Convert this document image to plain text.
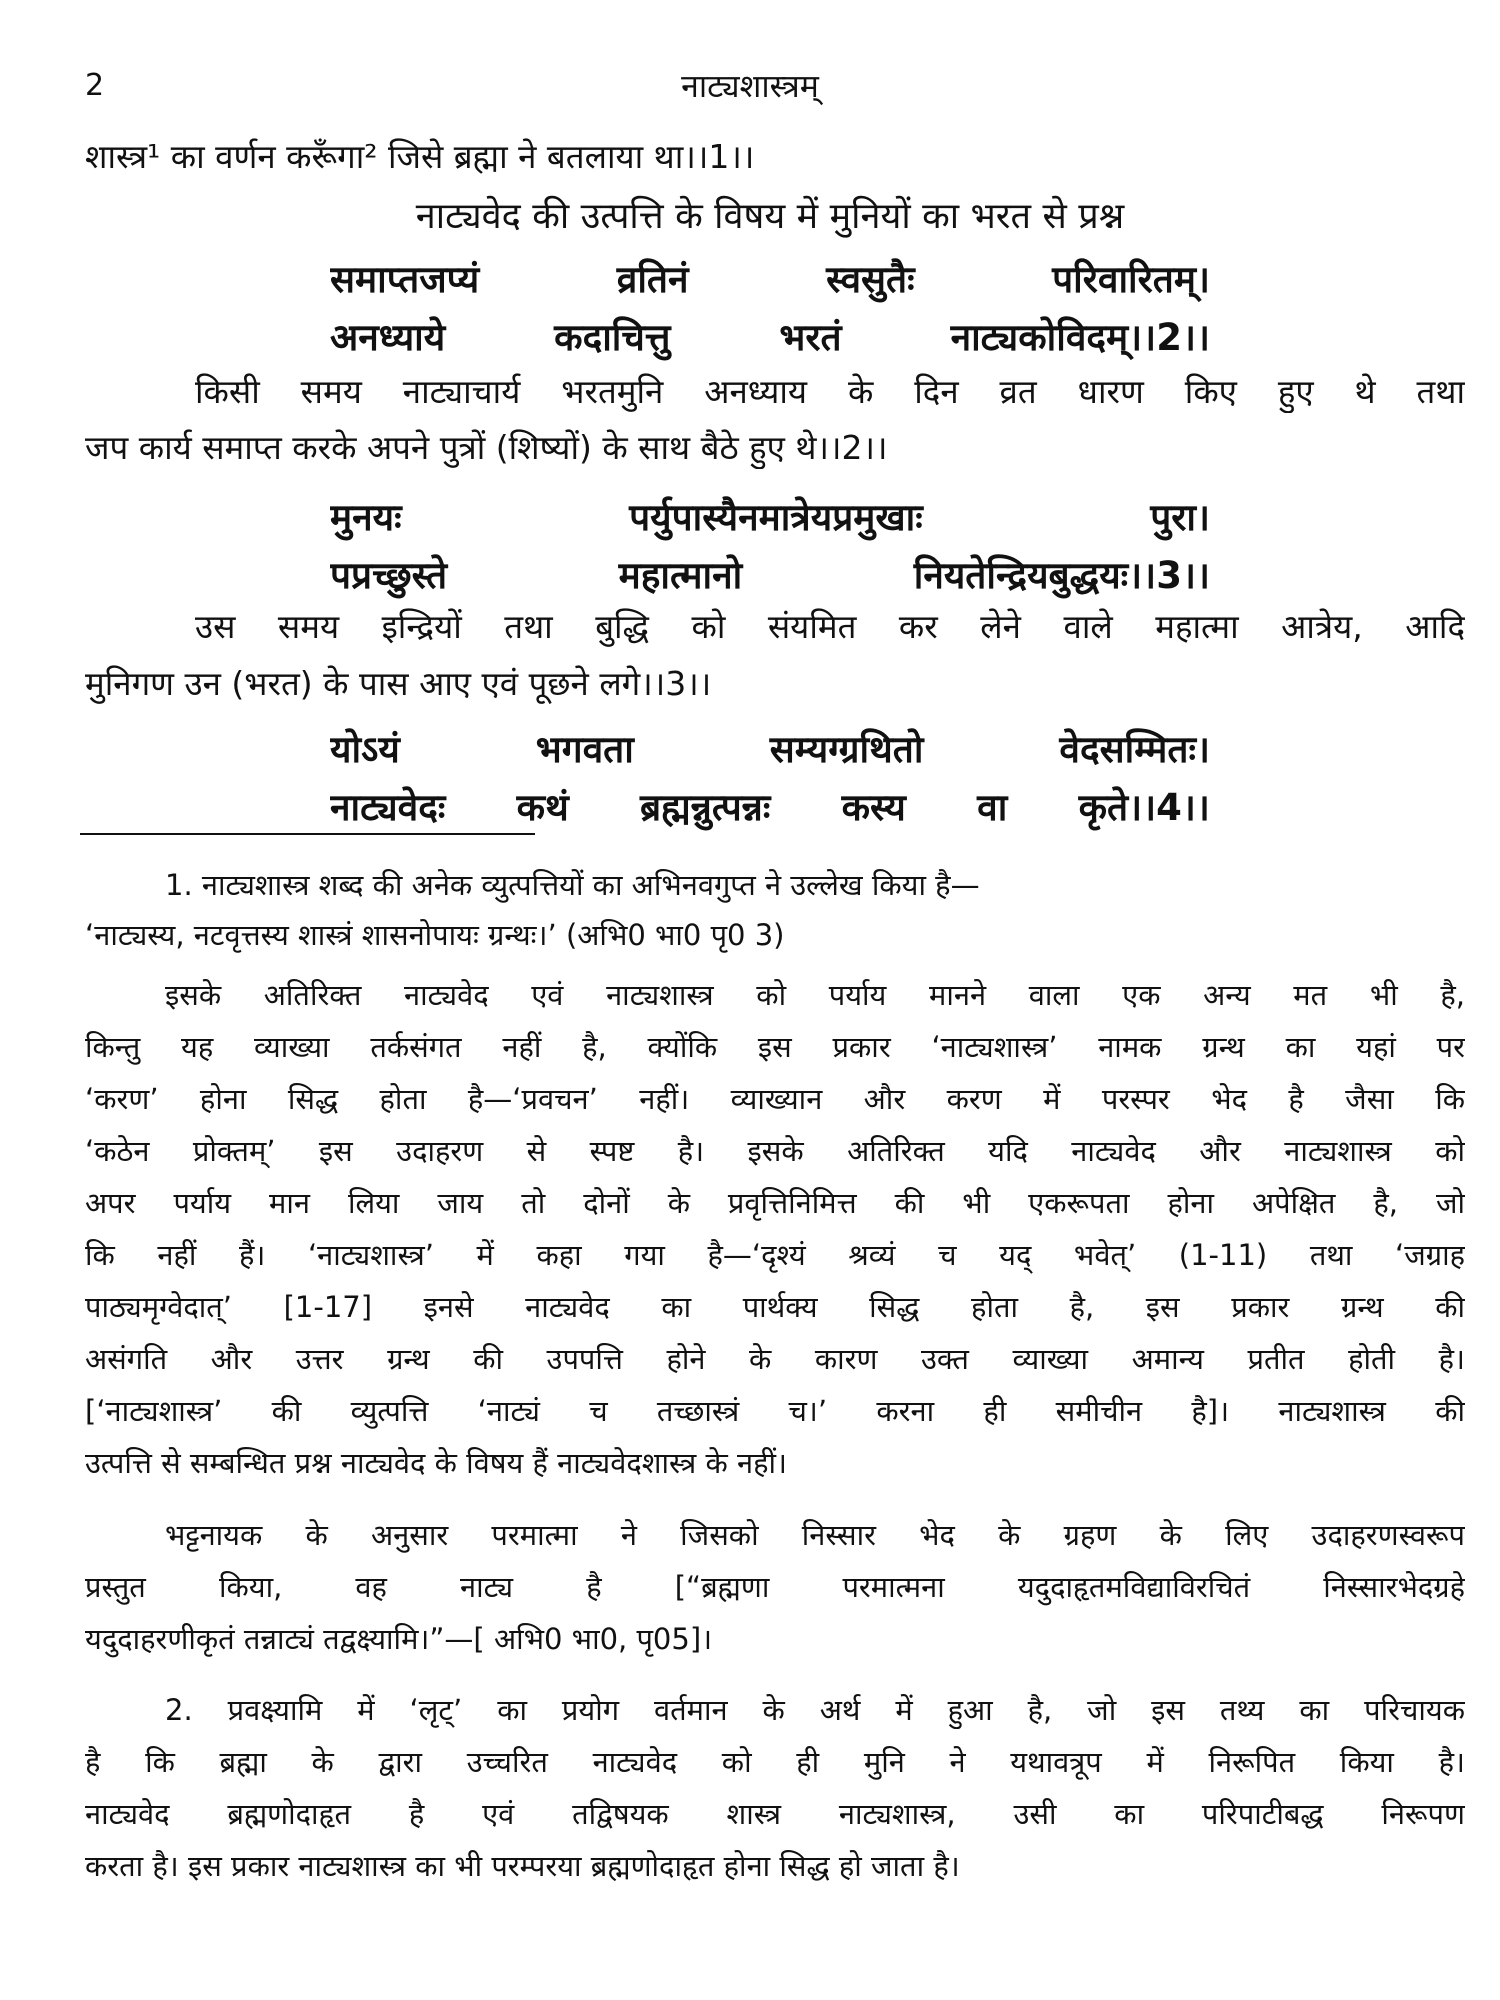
2	नाट्यशास्त्रम्
शास्त्र¹ का वर्णन करूँगा² जिसे ब्रह्मा ने बतलाया था।।1।।
नाट्यवेद की उत्पत्ति के विषय में मुनियों का भरत से प्रश्न
समाप्तजप्यं	व्रतिनं	स्वसुतैः	परिवारितम्।
अनध्याये	कदाचित्तु	भरतं	नाट्यकोविदम्।।2।।
किसी समय नाट्याचार्य भरतमुनि अनध्याय के दिन व्रत धारण किए हुए थे तथा
जप कार्य समाप्त करके अपने पुत्रों (शिष्यों) के साथ बैठे हुए थे।।2।।
मुनयः	पर्युपास्यैनमात्रेयप्रमुखाः	पुरा।
पप्रच्छुस्ते	महात्मानो	नियतेन्द्रियबुद्धयः।।3।।
उस समय इन्द्रियों तथा बुद्धि को संयमित कर लेने वाले महात्मा आत्रेय, आदि
मुनिगण उन (भरत) के पास आए एवं पूछने लगे।।3।।
योऽयं	भगवता	सम्यग्ग्रथितो	वेदसम्मितः।
नाट्यवेदः कथं ब्रह्मन्नुत्पन्नः कस्य वा कृते।।4।।
1. नाट्यशास्त्र शब्द की अनेक व्युत्पत्तियों का अभिनवगुप्त ने उल्लेख किया है—
‘नाट्यस्य, नटवृत्तस्य शास्त्रं शासनोपायः ग्रन्थः।’ (अभि0 भा0 पृ0 3)
इसके अतिरिक्त नाट्यवेद एवं नाट्यशास्त्र को पर्याय मानने वाला एक अन्य मत भी है,
किन्तु यह व्याख्या तर्कसंगत नहीं है, क्योंकि इस प्रकार ‘नाट्यशास्त्र’ नामक ग्रन्थ का यहां पर
‘करण’ होना सिद्ध होता है—‘प्रवचन’ नहीं। व्याख्यान और करण में परस्पर भेद है जैसा कि
‘कठेन प्रोक्तम्’ इस उदाहरण से स्पष्ट है। इसके अतिरिक्त यदि नाट्यवेद और नाट्यशास्त्र को
अपर पर्याय मान लिया जाय तो दोनों के प्रवृत्तिनिमित्त की भी एकरूपता होना अपेक्षित है, जो
कि नहीं हैं। ‘नाट्यशास्त्र’ में कहा गया है—‘दृश्यं श्रव्यं च यद् भवेत्’ (1-11) तथा ‘जग्राह
पाठ्यमृग्वेदात्’ [1-17] इनसे नाट्यवेद का पार्थक्य सिद्ध होता है, इस प्रकार ग्रन्थ की
असंगति और उत्तर ग्रन्थ की उपपत्ति होने के कारण उक्त व्याख्या अमान्य प्रतीत होती है।
[‘नाट्यशास्त्र’ की व्युत्पत्ति ‘नाट्यं च तच्छास्त्रं च।’ करना ही समीचीन है]। नाट्यशास्त्र की
उत्पत्ति से सम्बन्धित प्रश्न नाट्यवेद के विषय हैं नाट्यवेदशास्त्र के नहीं।
भट्टनायक के अनुसार परमात्मा ने जिसको निस्सार भेद के ग्रहण के लिए उदाहरणस्वरूप
प्रस्तुत किया, वह नाट्य है [“ब्रह्मणा परमात्मना यदुदाहृतमविद्याविरचितं निस्सारभेदग्रहे
यदुदाहरणीकृतं तन्नाट्यं तद्वक्ष्यामि।”—[ अभि0 भा0, पृ05]।
2. प्रवक्ष्यामि में ‘लृट्’ का प्रयोग वर्तमान के अर्थ में हुआ है, जो इस तथ्य का परिचायक
है कि ब्रह्मा के द्वारा उच्चरित नाट्यवेद को ही मुनि ने यथावत्रूप में निरूपित किया है।
नाट्यवेद ब्रह्मणोदाहृत है एवं तद्विषयक शास्त्र नाट्यशास्त्र, उसी का परिपाटीबद्ध निरूपण
करता है। इस प्रकार नाट्यशास्त्र का भी परम्परया ब्रह्मणोदाहृत होना सिद्ध हो जाता है।
